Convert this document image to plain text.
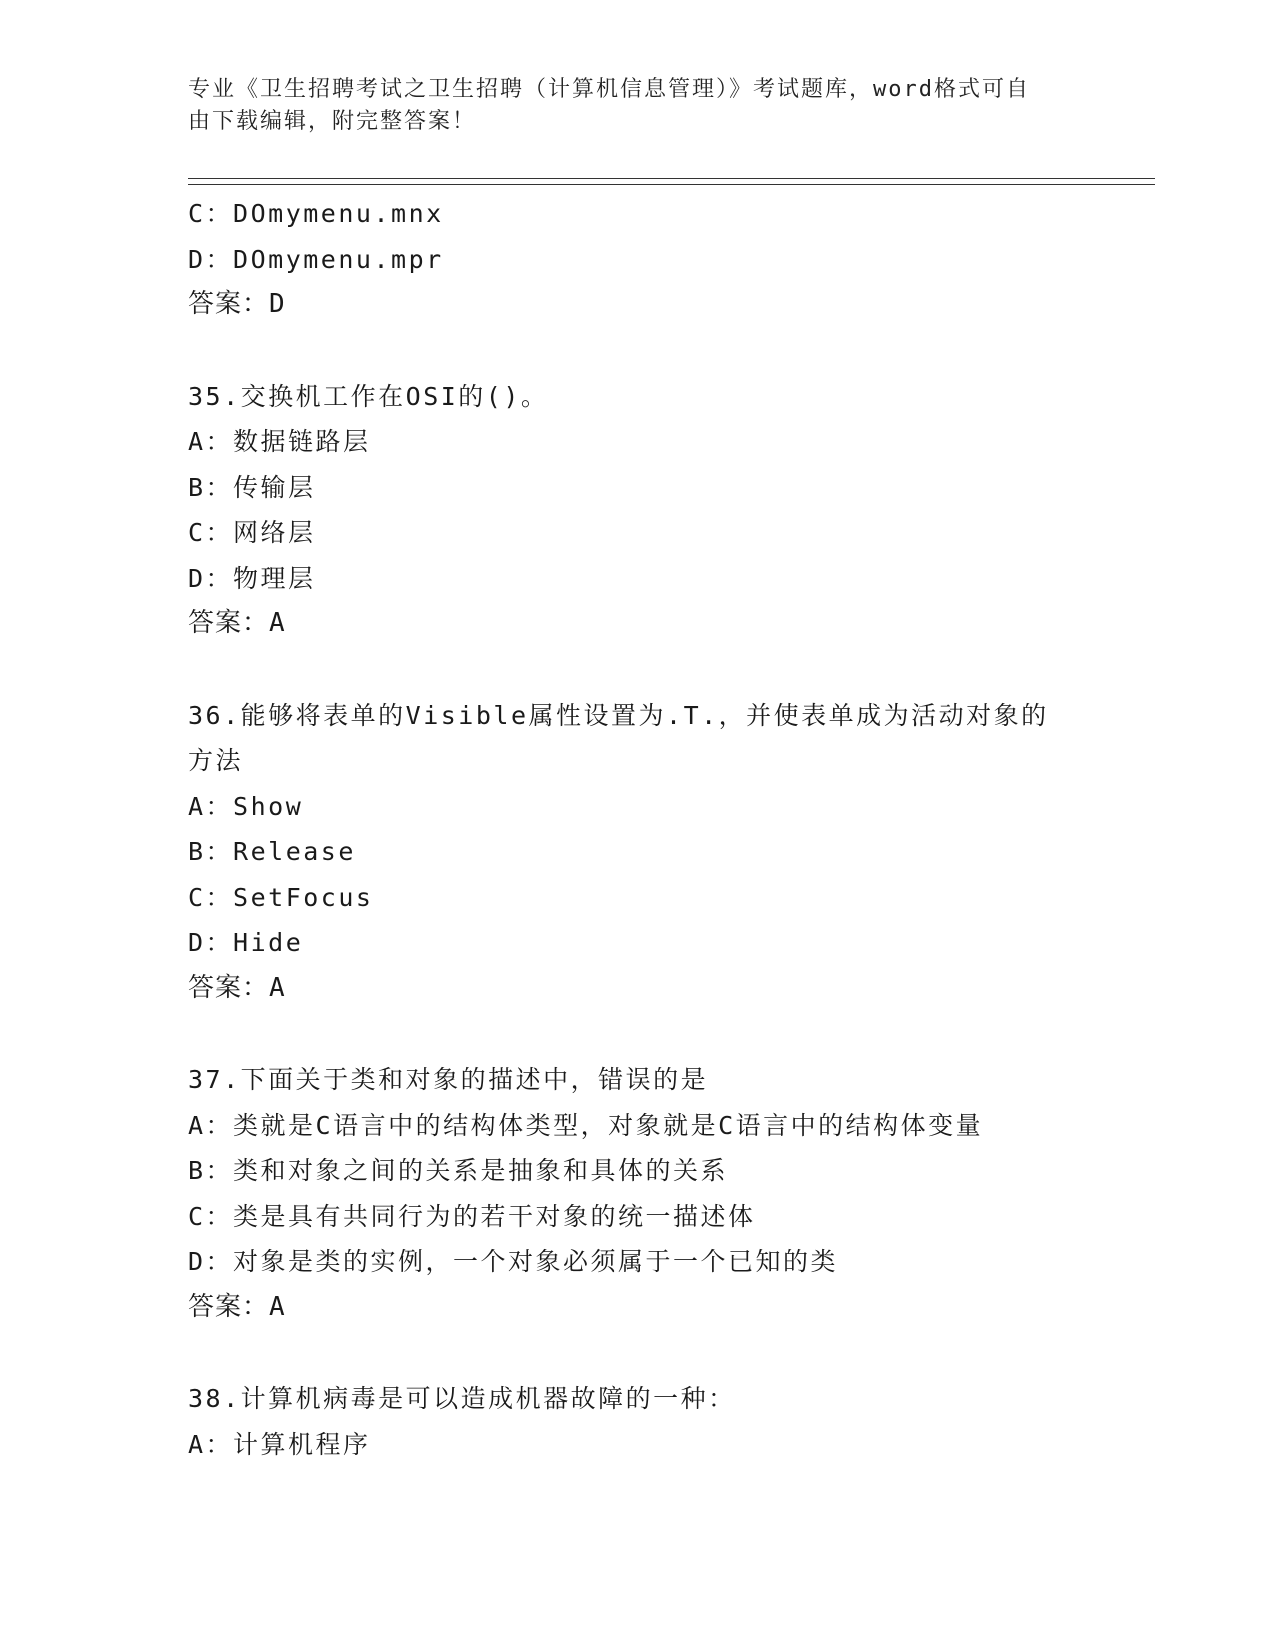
专业《卫生招聘考试之卫生招聘（计算机信息管理）》考试题库，word格式可自
由下载编辑，附完整答案！
C：DOmymenu.mnx
D：DOmymenu.mpr
答案：D
35.交换机工作在OSI的()。
A：数据链路层
B：传输层
C：网络层
D：物理层
答案：A
36.能够将表单的Visible属性设置为.T.，并使表单成为活动对象的
方法
A：Show
B：Release
C：SetFocus
D：Hide
答案：A
37.下面关于类和对象的描述中，错误的是
A：类就是C语言中的结构体类型，对象就是C语言中的结构体变量
B：类和对象之间的关系是抽象和具体的关系
C：类是具有共同行为的若干对象的统一描述体
D：对象是类的实例，一个对象必须属于一个已知的类
答案：A
38.计算机病毒是可以造成机器故障的一种：
A：计算机程序
